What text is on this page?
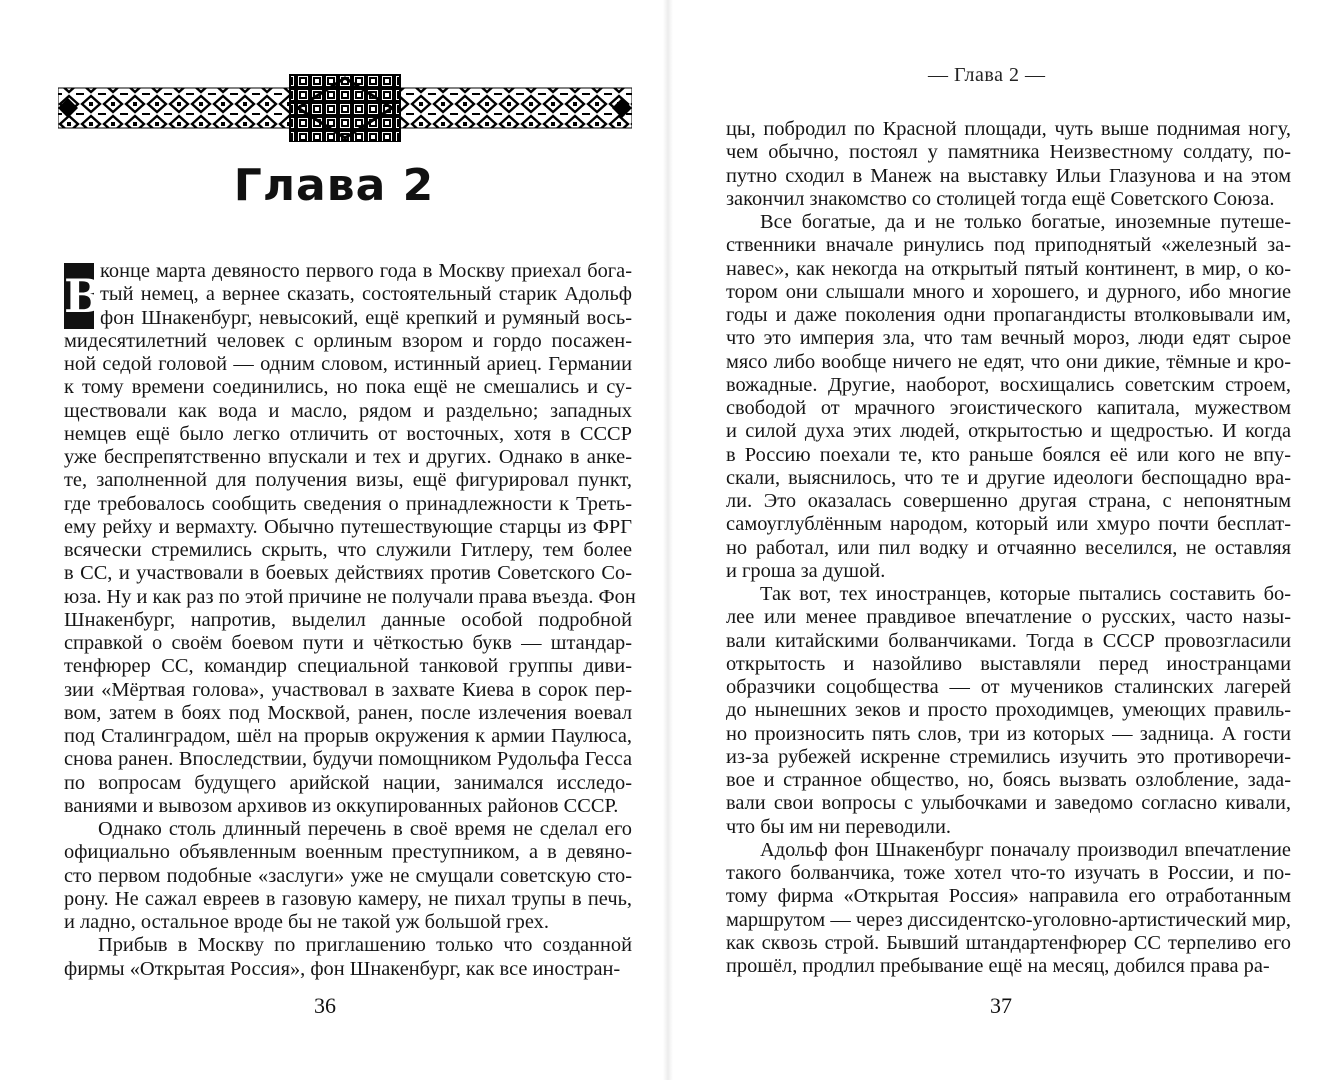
Глава 2
В
конце марта девяносто первого года в Москву приехал бога-
тый немец, а вернее сказать, состоятельный старик Адольф
фон Шнакенбург, невысокий, ещё крепкий и румяный вось-
мидесятилетний человек с орлиным взором и гордо посажен-
ной седой головой — одним словом, истинный ариец. Германии
к тому времени соединились, но пока ещё не смешались и су-
ществовали как вода и масло, рядом и раздельно; западных
немцев ещё было легко отличить от восточных, хотя в СССР
уже беспрепятственно впускали и тех и других. Однако в анке-
те, заполненной для получения визы, ещё фигурировал пункт,
где требовалось сообщить сведения о принадлежности к Треть-
ему рейху и вермахту. Обычно путешествующие старцы из ФРГ
всячески стремились скрыть, что служили Гитлеру, тем более
в СС, и участвовали в боевых действиях против Советского Со-
юза. Ну и как раз по этой причине не получали права въезда. Фон
Шнакенбург, напротив, выделил данные особой подробной
справкой о своём боевом пути и чёткостью букв — штандар-
тенфюрер СС, командир специальной танковой группы диви-
зии «Мёртвая голова», участвовал в захвате Киева в сорок пер-
вом, затем в боях под Москвой, ранен, после излечения воевал
под Сталинградом, шёл на прорыв окружения к армии Паулюса,
снова ранен. Впоследствии, будучи помощником Рудольфа Гесса
по вопросам будущего арийской нации, занимался исследо-
ваниями и вывозом архивов из оккупированных районов СССР.
Однако столь длинный перечень в своё время не сделал его
официально объявленным военным преступником, а в девяно-
сто первом подобные «заслуги» уже не смущали советскую сто-
рону. Не сажал евреев в газовую камеру, не пихал трупы в печь,
и ладно, остальное вроде бы не такой уж большой грех.
Прибыв в Москву по приглашению только что созданной
фирмы «Открытая Россия», фон Шнакенбург, как все иностран-
36
— Глава 2 —
цы, побродил по Красной площади, чуть выше поднимая ногу,
чем обычно, постоял у памятника Неизвестному солдату, по-
путно сходил в Манеж на выставку Ильи Глазунова и на этом
закончил знакомство со столицей тогда ещё Советского Союза.
Все богатые, да и не только богатые, иноземные путеше-
ственники вначале ринулись под приподнятый «железный за-
навес», как некогда на открытый пятый континент, в мир, о ко-
тором они слышали много и хорошего, и дурного, ибо многие
годы и даже поколения одни пропагандисты втолковывали им,
что это империя зла, что там вечный мороз, люди едят сырое
мясо либо вообще ничего не едят, что они дикие, тёмные и кро-
вожадные. Другие, наоборот, восхищались советским строем,
свободой от мрачного эгоистического капитала, мужеством
и силой духа этих людей, открытостью и щедростью. И когда
в Россию поехали те, кто раньше боялся её или кого не впу-
скали, выяснилось, что те и другие идеологи беспощадно вра-
ли. Это оказалась совершенно другая страна, с непонятным
самоуглублённым народом, который или хмуро почти бесплат-
но работал, или пил водку и отчаянно веселился, не оставляя
и гроша за душой.
Так вот, тех иностранцев, которые пытались составить бо-
лее или менее правдивое впечатление о русских, часто назы-
вали китайскими болванчиками. Тогда в СССР провозгласили
открытость и назойливо выставляли перед иностранцами
образчики соцобщества — от мучеников сталинских лагерей
до нынешних зеков и просто проходимцев, умеющих правиль-
но произносить пять слов, три из которых — задница. А гости
из-за рубежей искренне стремились изучить это противоречи-
вое и странное общество, но, боясь вызвать озлобление, зада-
вали свои вопросы с улыбочками и заведомо согласно кивали,
что бы им ни переводили.
Адольф фон Шнакенбург поначалу производил впечатление
такого болванчика, тоже хотел что-то изучать в России, и по-
тому фирма «Открытая Россия» направила его отработанным
маршрутом — через диссидентско-уголовно-артистический мир,
как сквозь строй. Бывший штандартенфюрер СС терпеливо его
прошёл, продлил пребывание ещё на месяц, добился права ра-
37
